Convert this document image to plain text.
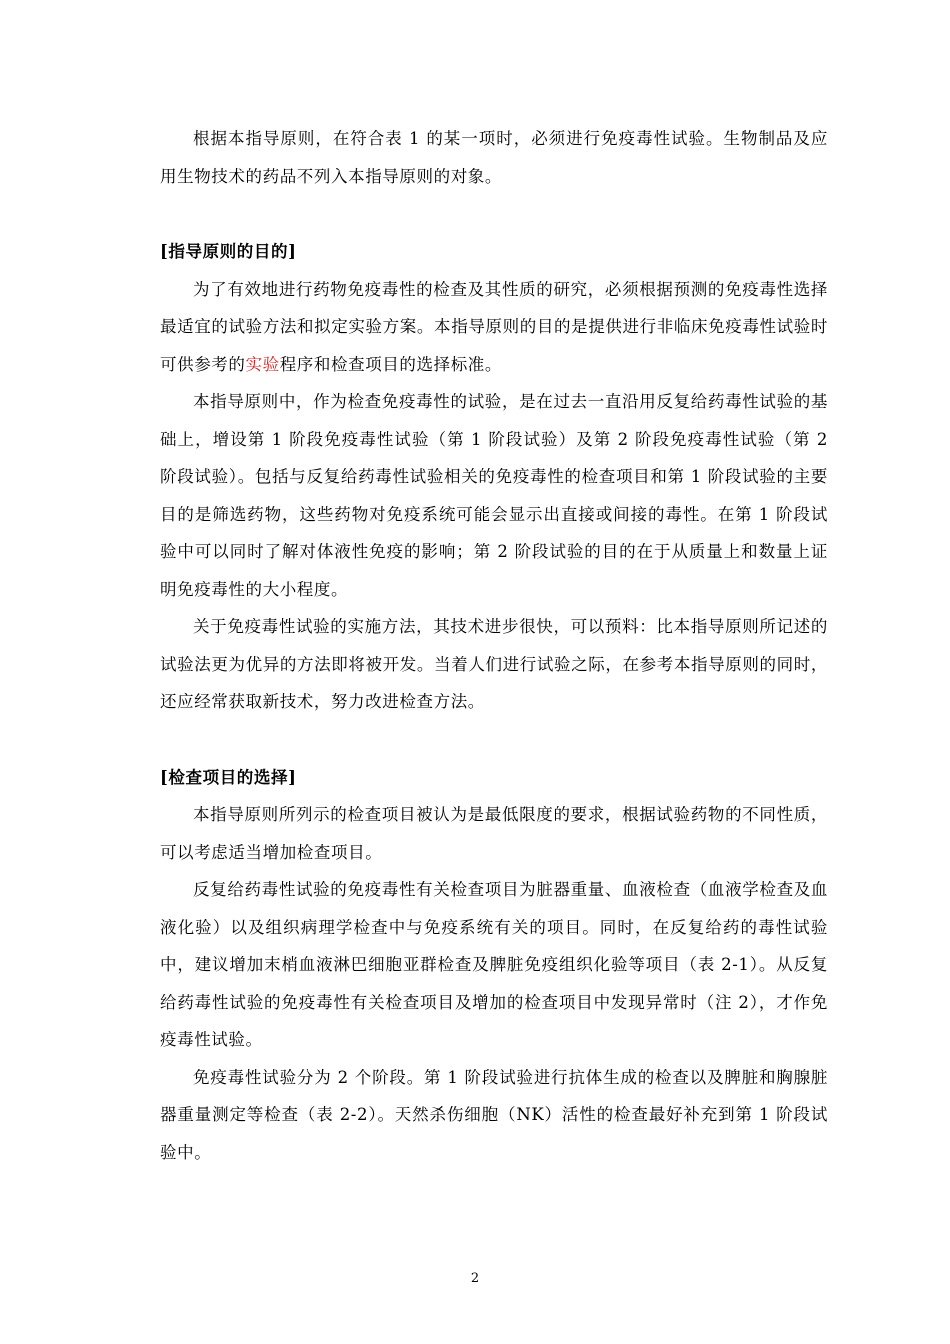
根据本指导原则，在符合表 1 的某一项时，必须进行免疫毒性试验。生物制品及应用生物技术的药品不列入本指导原则的对象。

[指导原则的目的]

为了有效地进行药物免疫毒性的检查及其性质的研究，必须根据预测的免疫毒性选择最适宜的试验方法和拟定实验方案。本指导原则的目的是提供进行非临床免疫毒性试验时可供参考的实验程序和检查项目的选择标准。

本指导原则中，作为检查免疫毒性的试验，是在过去一直沿用反复给药毒性试验的基础上，增设第 1 阶段免疫毒性试验（第 1 阶段试验）及第 2 阶段免疫毒性试验（第 2 阶段试验）。包括与反复给药毒性试验相关的免疫毒性的检查项目和第 1 阶段试验的主要目的是筛选药物，这些药物对免疫系统可能会显示出直接或间接的毒性。在第 1 阶段试验中可以同时了解对体液性免疫的影响；第 2 阶段试验的目的在于从质量上和数量上证明免疫毒性的大小程度。

关于免疫毒性试验的实施方法，其技术进步很快，可以预料：比本指导原则所记述的试验法更为优异的方法即将被开发。当着人们进行试验之际，在参考本指导原则的同时，还应经常获取新技术，努力改进检查方法。

[检查项目的选择]

本指导原则所列示的检查项目被认为是最低限度的要求，根据试验药物的不同性质，可以考虑适当增加检查项目。

反复给药毒性试验的免疫毒性有关检查项目为脏器重量、血液检查（血液学检查及血液化验）以及组织病理学检查中与免疫系统有关的项目。同时，在反复给药的毒性试验中，建议增加末梢血液淋巴细胞亚群检查及脾脏免疫组织化验等项目（表 2-1）。从反复给药毒性试验的免疫毒性有关检查项目及增加的检查项目中发现异常时（注 2），才作免疫毒性试验。

免疫毒性试验分为 2 个阶段。第 1 阶段试验进行抗体生成的检查以及脾脏和胸腺脏器重量测定等检查（表 2-2）。天然杀伤细胞（NK）活性的检查最好补充到第 1 阶段试验中。

2
